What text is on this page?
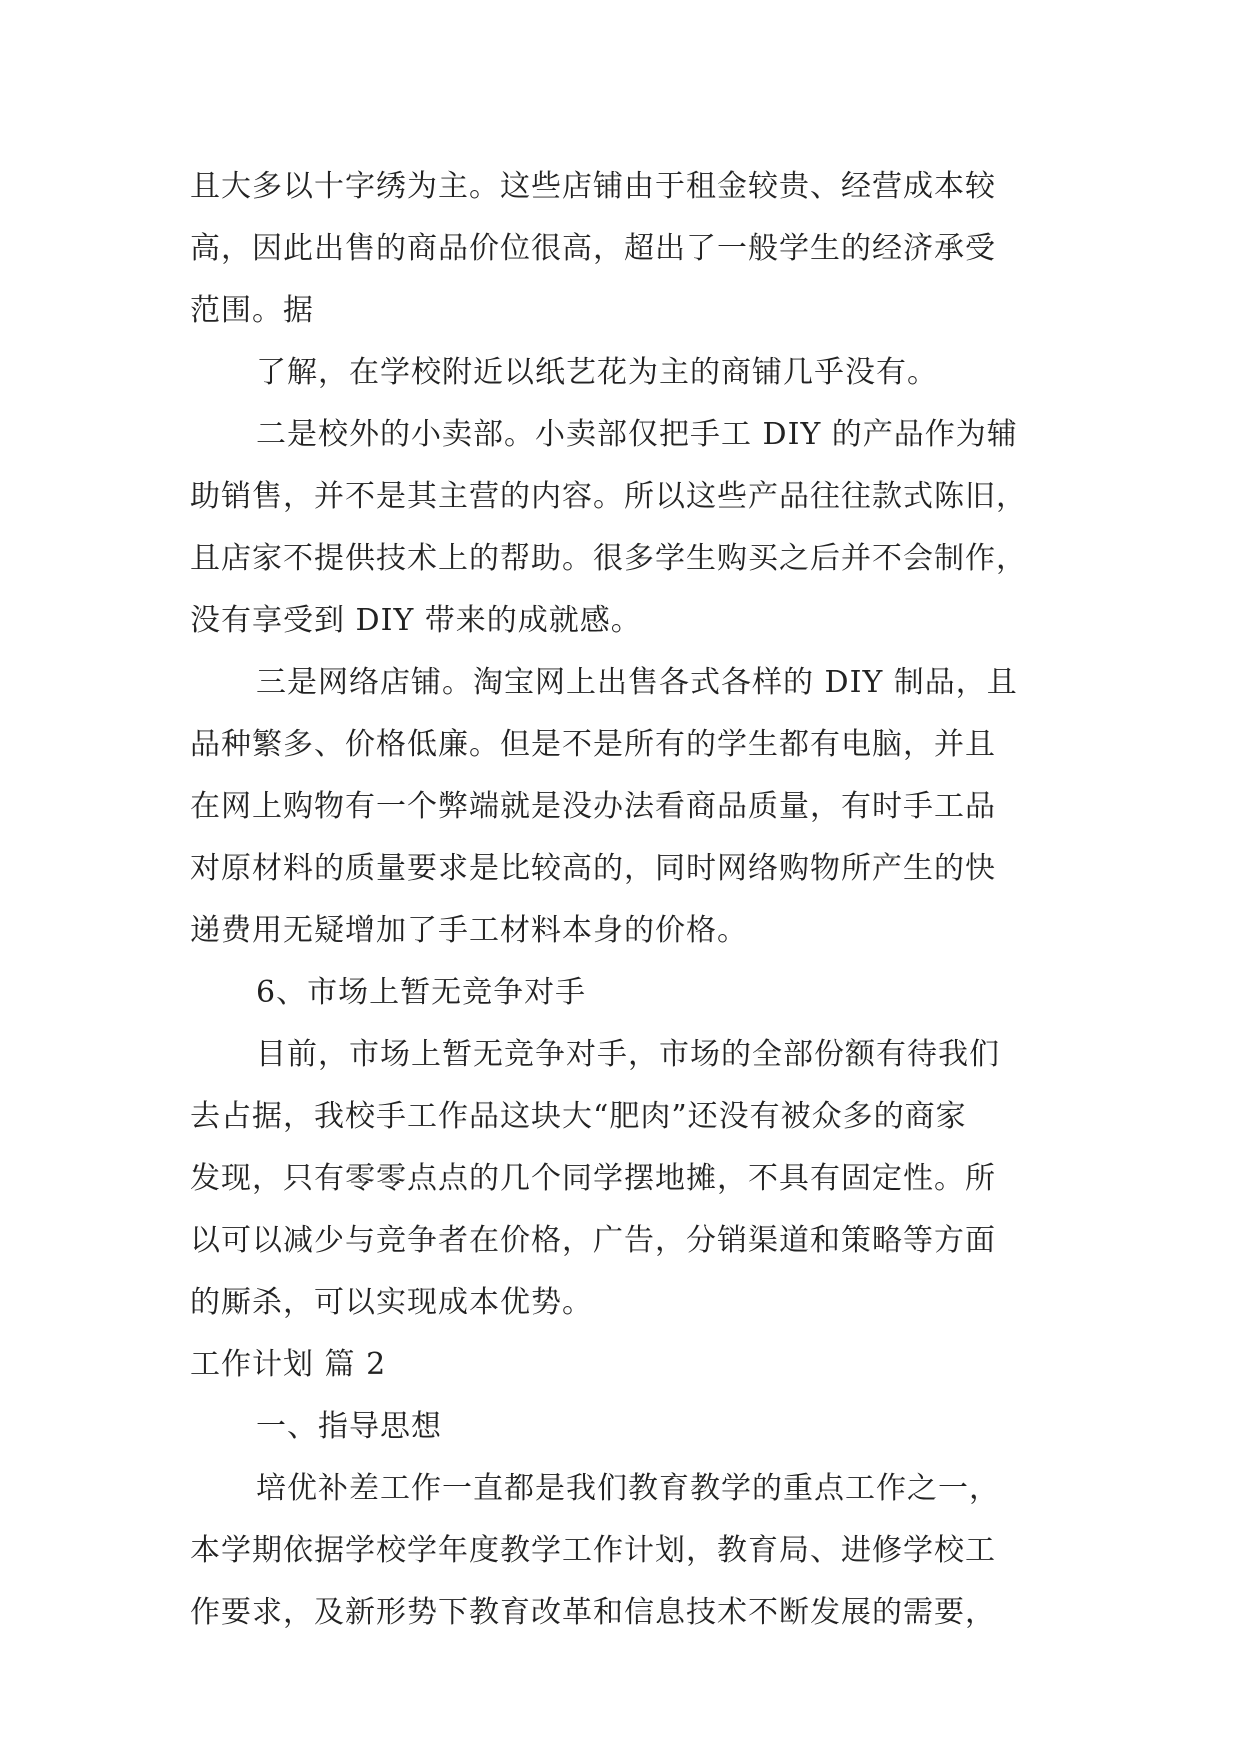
且大多以十字绣为主。这些店铺由于租金较贵、经营成本较
高，因此出售的商品价位很高，超出了一般学生的经济承受
范围。据
了解，在学校附近以纸艺花为主的商铺几乎没有。
二是校外的小卖部。小卖部仅把手工 DIY 的产品作为辅
助销售，并不是其主营的内容。所以这些产品往往款式陈旧，
且店家不提供技术上的帮助。很多学生购买之后并不会制作，
没有享受到 DIY 带来的成就感。
三是网络店铺。淘宝网上出售各式各样的 DIY 制品，且
品种繁多、价格低廉。但是不是所有的学生都有电脑，并且
在网上购物有一个弊端就是没办法看商品质量，有时手工品
对原材料的质量要求是比较高的，同时网络购物所产生的快
递费用无疑增加了手工材料本身的价格。
6、市场上暂无竞争对手
目前，市场上暂无竞争对手，市场的全部份额有待我们
去占据，我校手工作品这块大“肥肉”还没有被众多的商家
发现，只有零零点点的几个同学摆地摊，不具有固定性。所
以可以减少与竞争者在价格，广告，分销渠道和策略等方面
的厮杀，可以实现成本优势。
工作计划 篇 2
一、指导思想
培优补差工作一直都是我们教育教学的重点工作之一，
本学期依据学校学年度教学工作计划，教育局、进修学校工
作要求，及新形势下教育改革和信息技术不断发展的需要，
